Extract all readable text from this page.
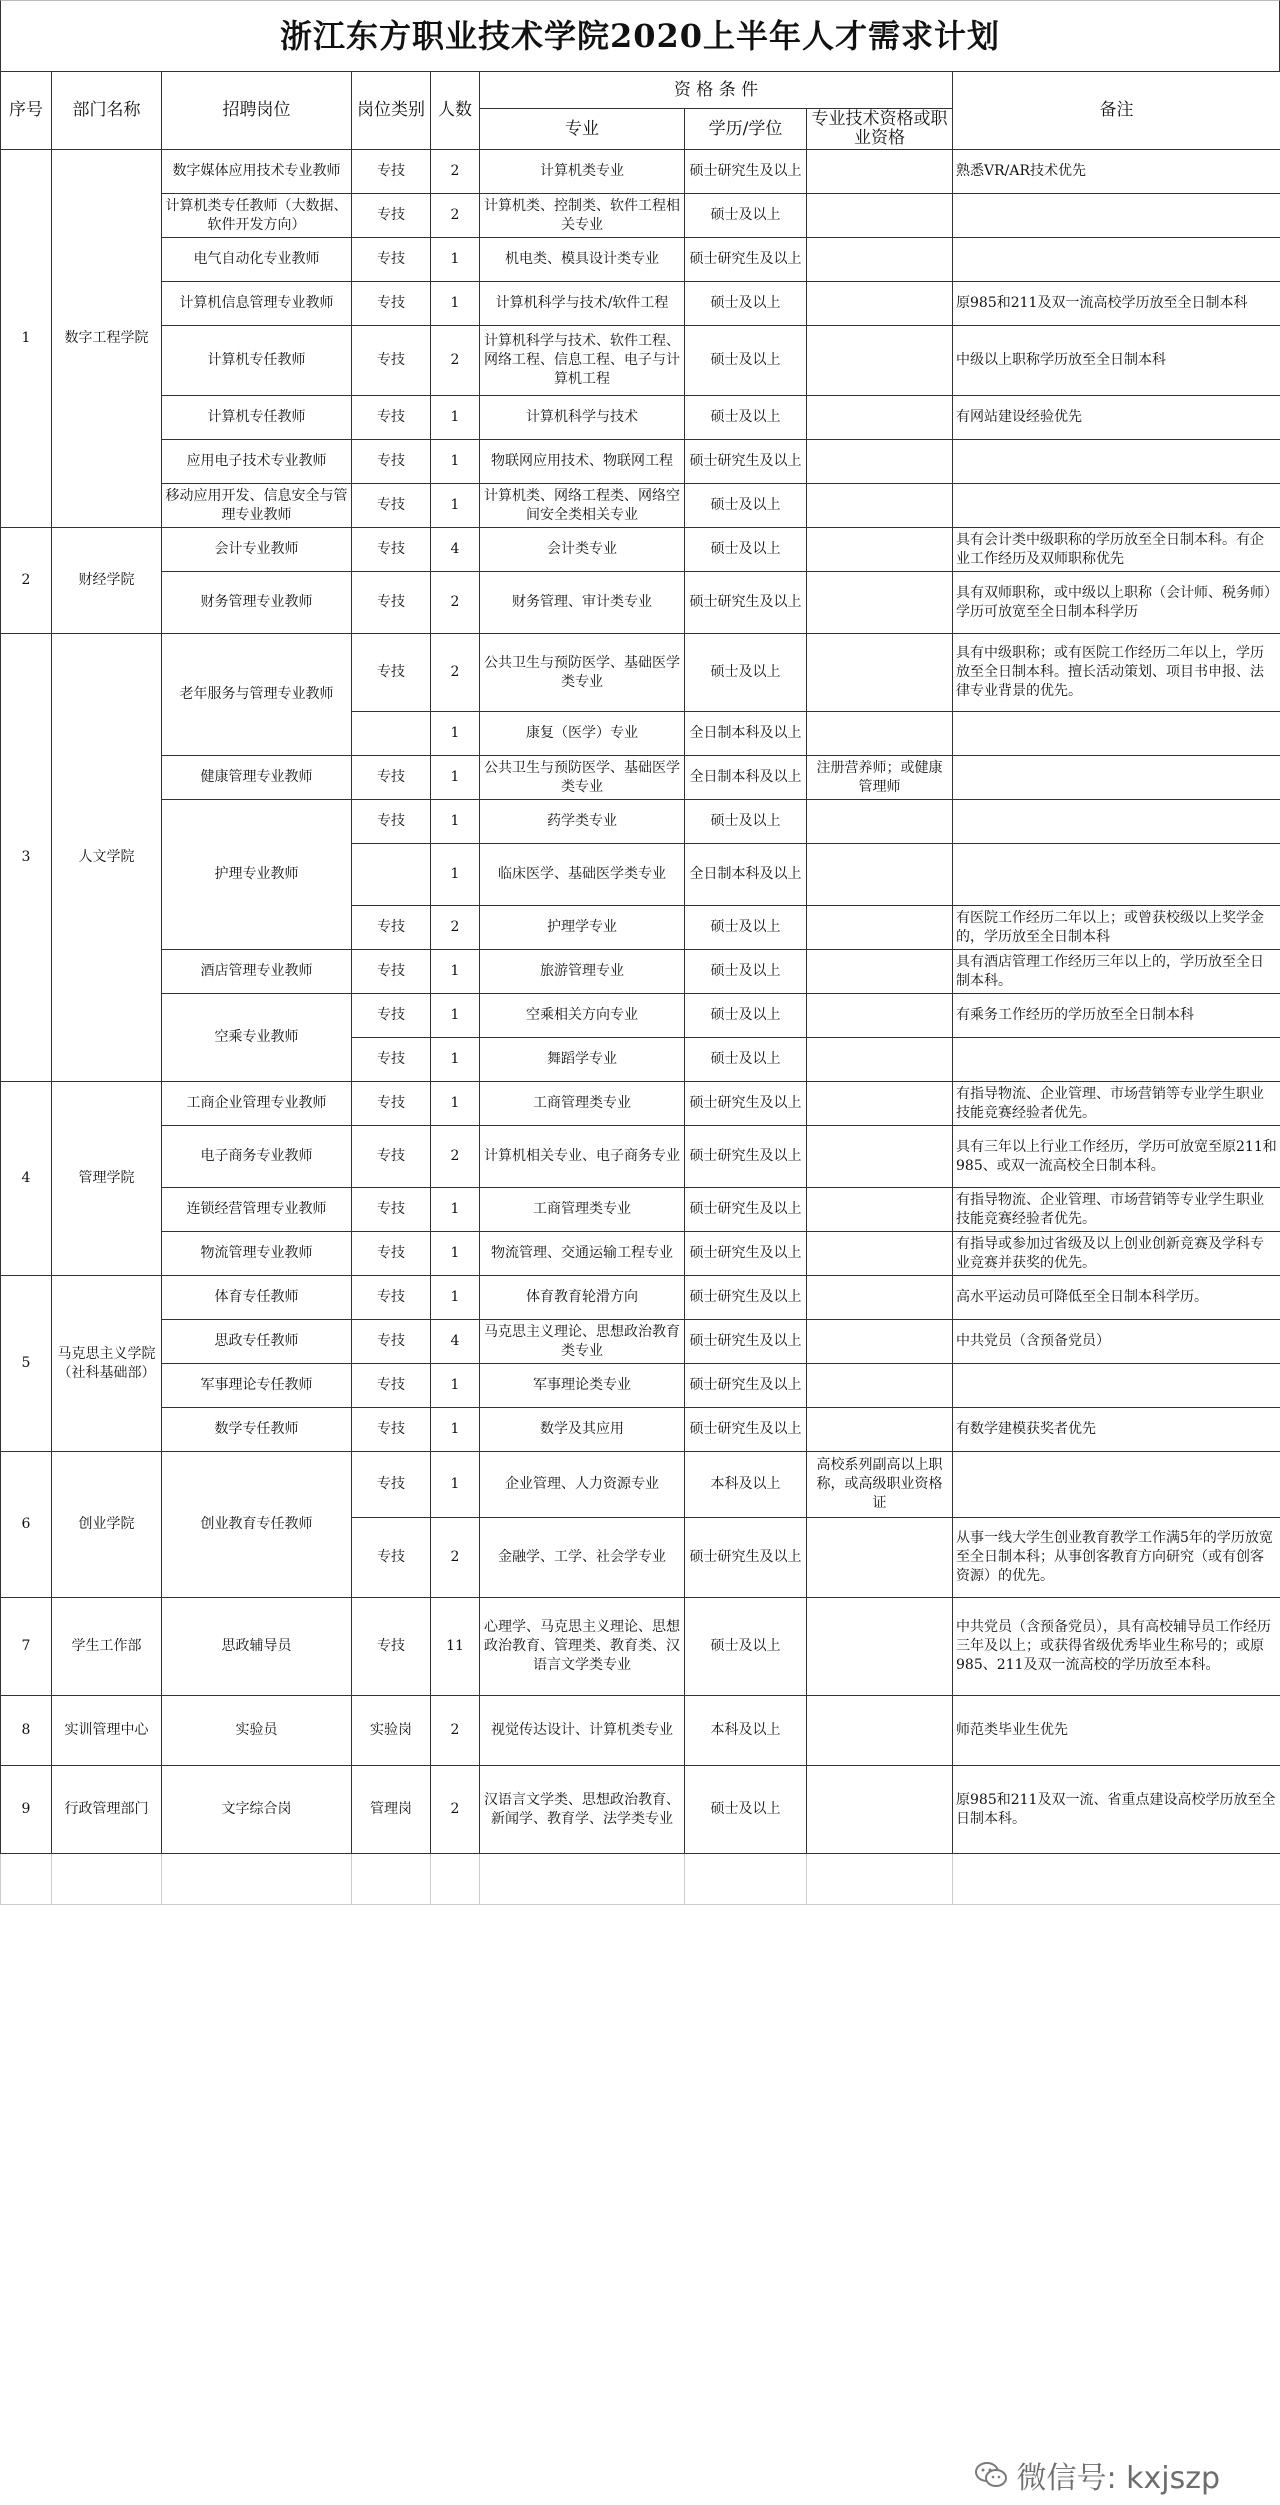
浙江东方职业技术学院2020上半年人才需求计划
序号	部门名称	招聘岗位	岗位类别	人数	资 格 条 件			备注
					专业	学历/学位	专业技术资格或职业资格	
1	数字工程学院	数字媒体应用技术专业教师	专技	2	计算机类专业	硕士研究生及以上		熟悉VR/AR技术优先
		计算机类专任教师（大数据、软件开发方向）	专技	2	计算机类、控制类、软件工程相关专业	硕士及以上		
		电气自动化专业教师	专技	1	机电类、模具设计类专业	硕士研究生及以上		
		计算机信息管理专业教师	专技	1	计算机科学与技术/软件工程	硕士及以上		原985和211及双一流高校学历放至全日制本科
		计算机专任教师	专技	2	计算机科学与技术、软件工程、网络工程、信息工程、电子与计算机工程	硕士及以上		中级以上职称学历放至全日制本科
		计算机专任教师	专技	1	计算机科学与技术	硕士及以上		有网站建设经验优先
		应用电子技术专业教师	专技	1	物联网应用技术、物联网工程	硕士研究生及以上		
		移动应用开发、信息安全与管理专业教师	专技	1	计算机类、网络工程类、网络空间安全类相关专业	硕士及以上		
2	财经学院	会计专业教师	专技	4	会计类专业	硕士及以上		具有会计类中级职称的学历放至全日制本科。有企业工作经历及双师职称优先
		财务管理专业教师	专技	2	财务管理、审计类专业	硕士研究生及以上		具有双师职称，或中级以上职称（会计师、税务师）学历可放宽至全日制本科学历
3	人文学院	老年服务与管理专业教师	专技	2	公共卫生与预防医学、基础医学类专业	硕士及以上		具有中级职称；或有医院工作经历二年以上，学历放至全日制本科。擅长活动策划、项目书申报、法律专业背景的优先。
				1	康复（医学）专业	全日制本科及以上		
		健康管理专业教师	专技	1	公共卫生与预防医学、基础医学类专业	全日制本科及以上	注册营养师；或健康管理师	
		护理专业教师	专技	1	药学类专业	硕士及以上		
				1	临床医学、基础医学类专业	全日制本科及以上		
			专技	2	护理学专业	硕士及以上		有医院工作经历二年以上；或曾获校级以上奖学金的，学历放至全日制本科
		酒店管理专业教师	专技	1	旅游管理专业	硕士及以上		具有酒店管理工作经历三年以上的，学历放至全日制本科。
		空乘专业教师	专技	1	空乘相关方向专业	硕士及以上		有乘务工作经历的学历放至全日制本科
			专技	1	舞蹈学专业	硕士及以上		
4	管理学院	工商企业管理专业教师	专技	1	工商管理类专业	硕士研究生及以上		有指导物流、企业管理、市场营销等专业学生职业技能竞赛经验者优先。
		电子商务专业教师	专技	2	计算机相关专业、电子商务专业	硕士研究生及以上		具有三年以上行业工作经历，学历可放宽至原211和985、或双一流高校全日制本科。
		连锁经营管理专业教师	专技	1	工商管理类专业	硕士研究生及以上		有指导物流、企业管理、市场营销等专业学生职业技能竞赛经验者优先。
		物流管理专业教师	专技	1	物流管理、交通运输工程专业	硕士研究生及以上		有指导或参加过省级及以上创业创新竞赛及学科专业竞赛并获奖的优先。
5	马克思主义学院（社科基础部）	体育专任教师	专技	1	体育教育轮滑方向	硕士研究生及以上		高水平运动员可降低至全日制本科学历。
		思政专任教师	专技	4	马克思主义理论、思想政治教育类专业	硕士研究生及以上		中共党员（含预备党员）
		军事理论专任教师	专技	1	军事理论类专业	硕士研究生及以上		
		数学专任教师	专技	1	数学及其应用	硕士研究生及以上		有数学建模获奖者优先
6	创业学院	创业教育专任教师	专技	1	企业管理、人力资源专业	本科及以上	高校系列副高以上职称，或高级职业资格证	
			专技	2	金融学、工学、社会学专业	硕士研究生及以上		从事一线大学生创业教育教学工作满5年的学历放宽至全日制本科；从事创客教育方向研究（或有创客资源）的优先。
7	学生工作部	思政辅导员	专技	11	心理学、马克思主义理论、思想政治教育、管理类、教育类、汉语言文学类专业	硕士及以上		中共党员（含预备党员），具有高校辅导员工作经历三年及以上；或获得省级优秀毕业生称号的；或原985、211及双一流高校的学历放至本科。
8	实训管理中心	实验员	实验岗	2	视觉传达设计、计算机类专业	本科及以上		师范类毕业生优先
9	行政管理部门	文字综合岗	管理岗	2	汉语言文学类、思想政治教育、新闻学、教育学、法学类专业	硕士及以上		原985和211及双一流、省重点建设高校学历放至全日制本科。

微信号: kxjszp
